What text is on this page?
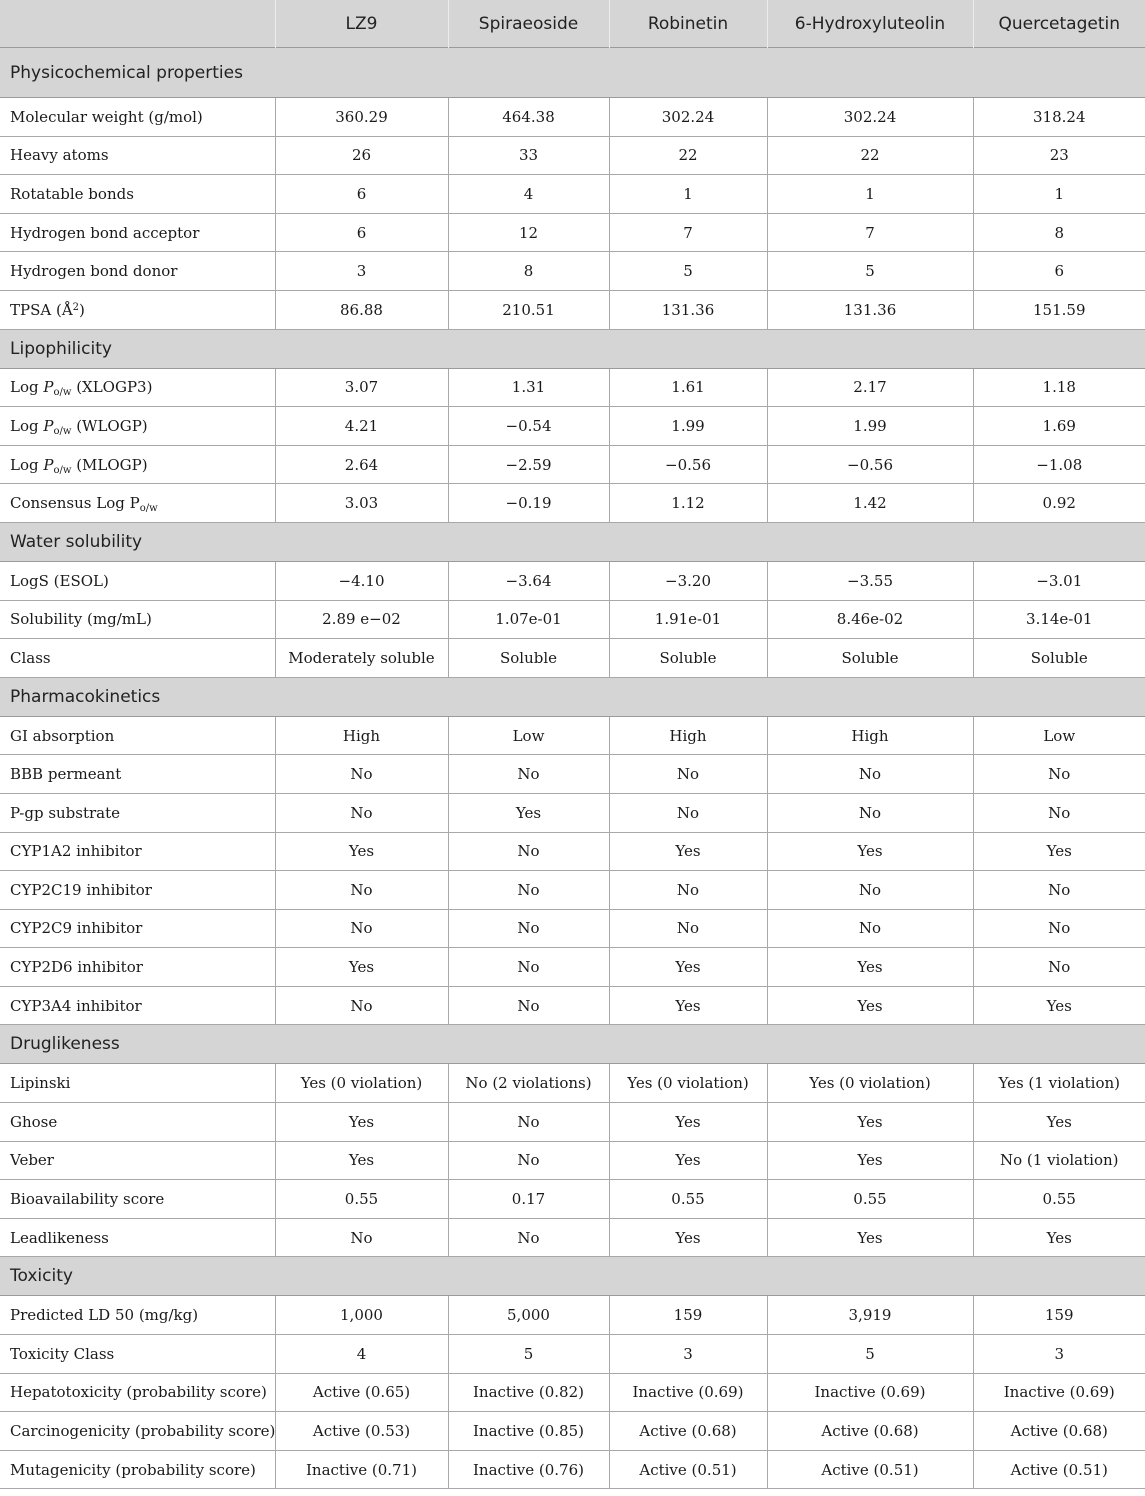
	LZ9	Spiraeoside	Robinetin	6-Hydroxyluteolin	Quercetagetin
Physicochemical properties					
Molecular weight (g/mol)	360.29	464.38	302.24	302.24	318.24
Heavy atoms	26	33	22	22	23
Rotatable bonds	6	4	1	1	1
Hydrogen bond acceptor	6	12	7	7	8
Hydrogen bond donor	3	8	5	5	6
TPSA $(Å^2)$	86.88	210.51	131.36	131.36	151.59
Lipophilicity					
Log $P_{o/w}$ (XLOGP3)	3.07	1.31	1.61	2.17	1.18
Log $P_{o/w}$ (WLOGP)	4.21	−0.54	1.99	1.99	1.69
Log $P_{o/w}$ (MLOGP)	2.64	−2.59	−0.56	−0.56	−1.08
Consensus Log $P_{o/w}$	3.03	−0.19	1.12	1.42	0.92
Water solubility					
LogS (ESOL)	−4.10	−3.64	−3.20	−3.55	−3.01
Solubility (mg/mL)	2.89 e−02	1.07e-01	1.91e-01	8.46e-02	3.14e-01
Class	Moderately soluble	Soluble	Soluble	Soluble	Soluble
Pharmacokinetics					
GI absorption	High	Low	High	High	Low
BBB permeant	No	No	No	No	No
P-gp substrate	No	Yes	No	No	No
CYP1A2 inhibitor	Yes	No	Yes	Yes	Yes
CYP2C19 inhibitor	No	No	No	No	No
CYP2C9 inhibitor	No	No	No	No	No
CYP2D6 inhibitor	Yes	No	Yes	Yes	No
CYP3A4 inhibitor	No	No	Yes	Yes	Yes
Druglikeness					
Lipinski	Yes (0 violation)	No (2 violations)	Yes (0 violation)	Yes (0 violation)	Yes (1 violation)
Ghose	Yes	No	Yes	Yes	Yes
Veber	Yes	No	Yes	Yes	No (1 violation)
Bioavailability score	0.55	0.17	0.55	0.55	0.55
Leadlikeness	No	No	Yes	Yes	Yes
Toxicity					
Predicted LD 50 (mg/kg)	1,000	5,000	159	3,919	159
Toxicity Class	4	5	3	5	3
Hepatotoxicity (probability score)	Active (0.65)	Inactive (0.82)	Inactive (0.69)	Inactive (0.69)	Inactive (0.69)
Carcinogenicity (probability score)	Active (0.53)	Inactive (0.85)	Active (0.68)	Active (0.68)	Active (0.68)
Mutagenicity (probability score)	Inactive (0.71)	Inactive (0.76)	Active (0.51)	Active (0.51)	Active (0.51)
